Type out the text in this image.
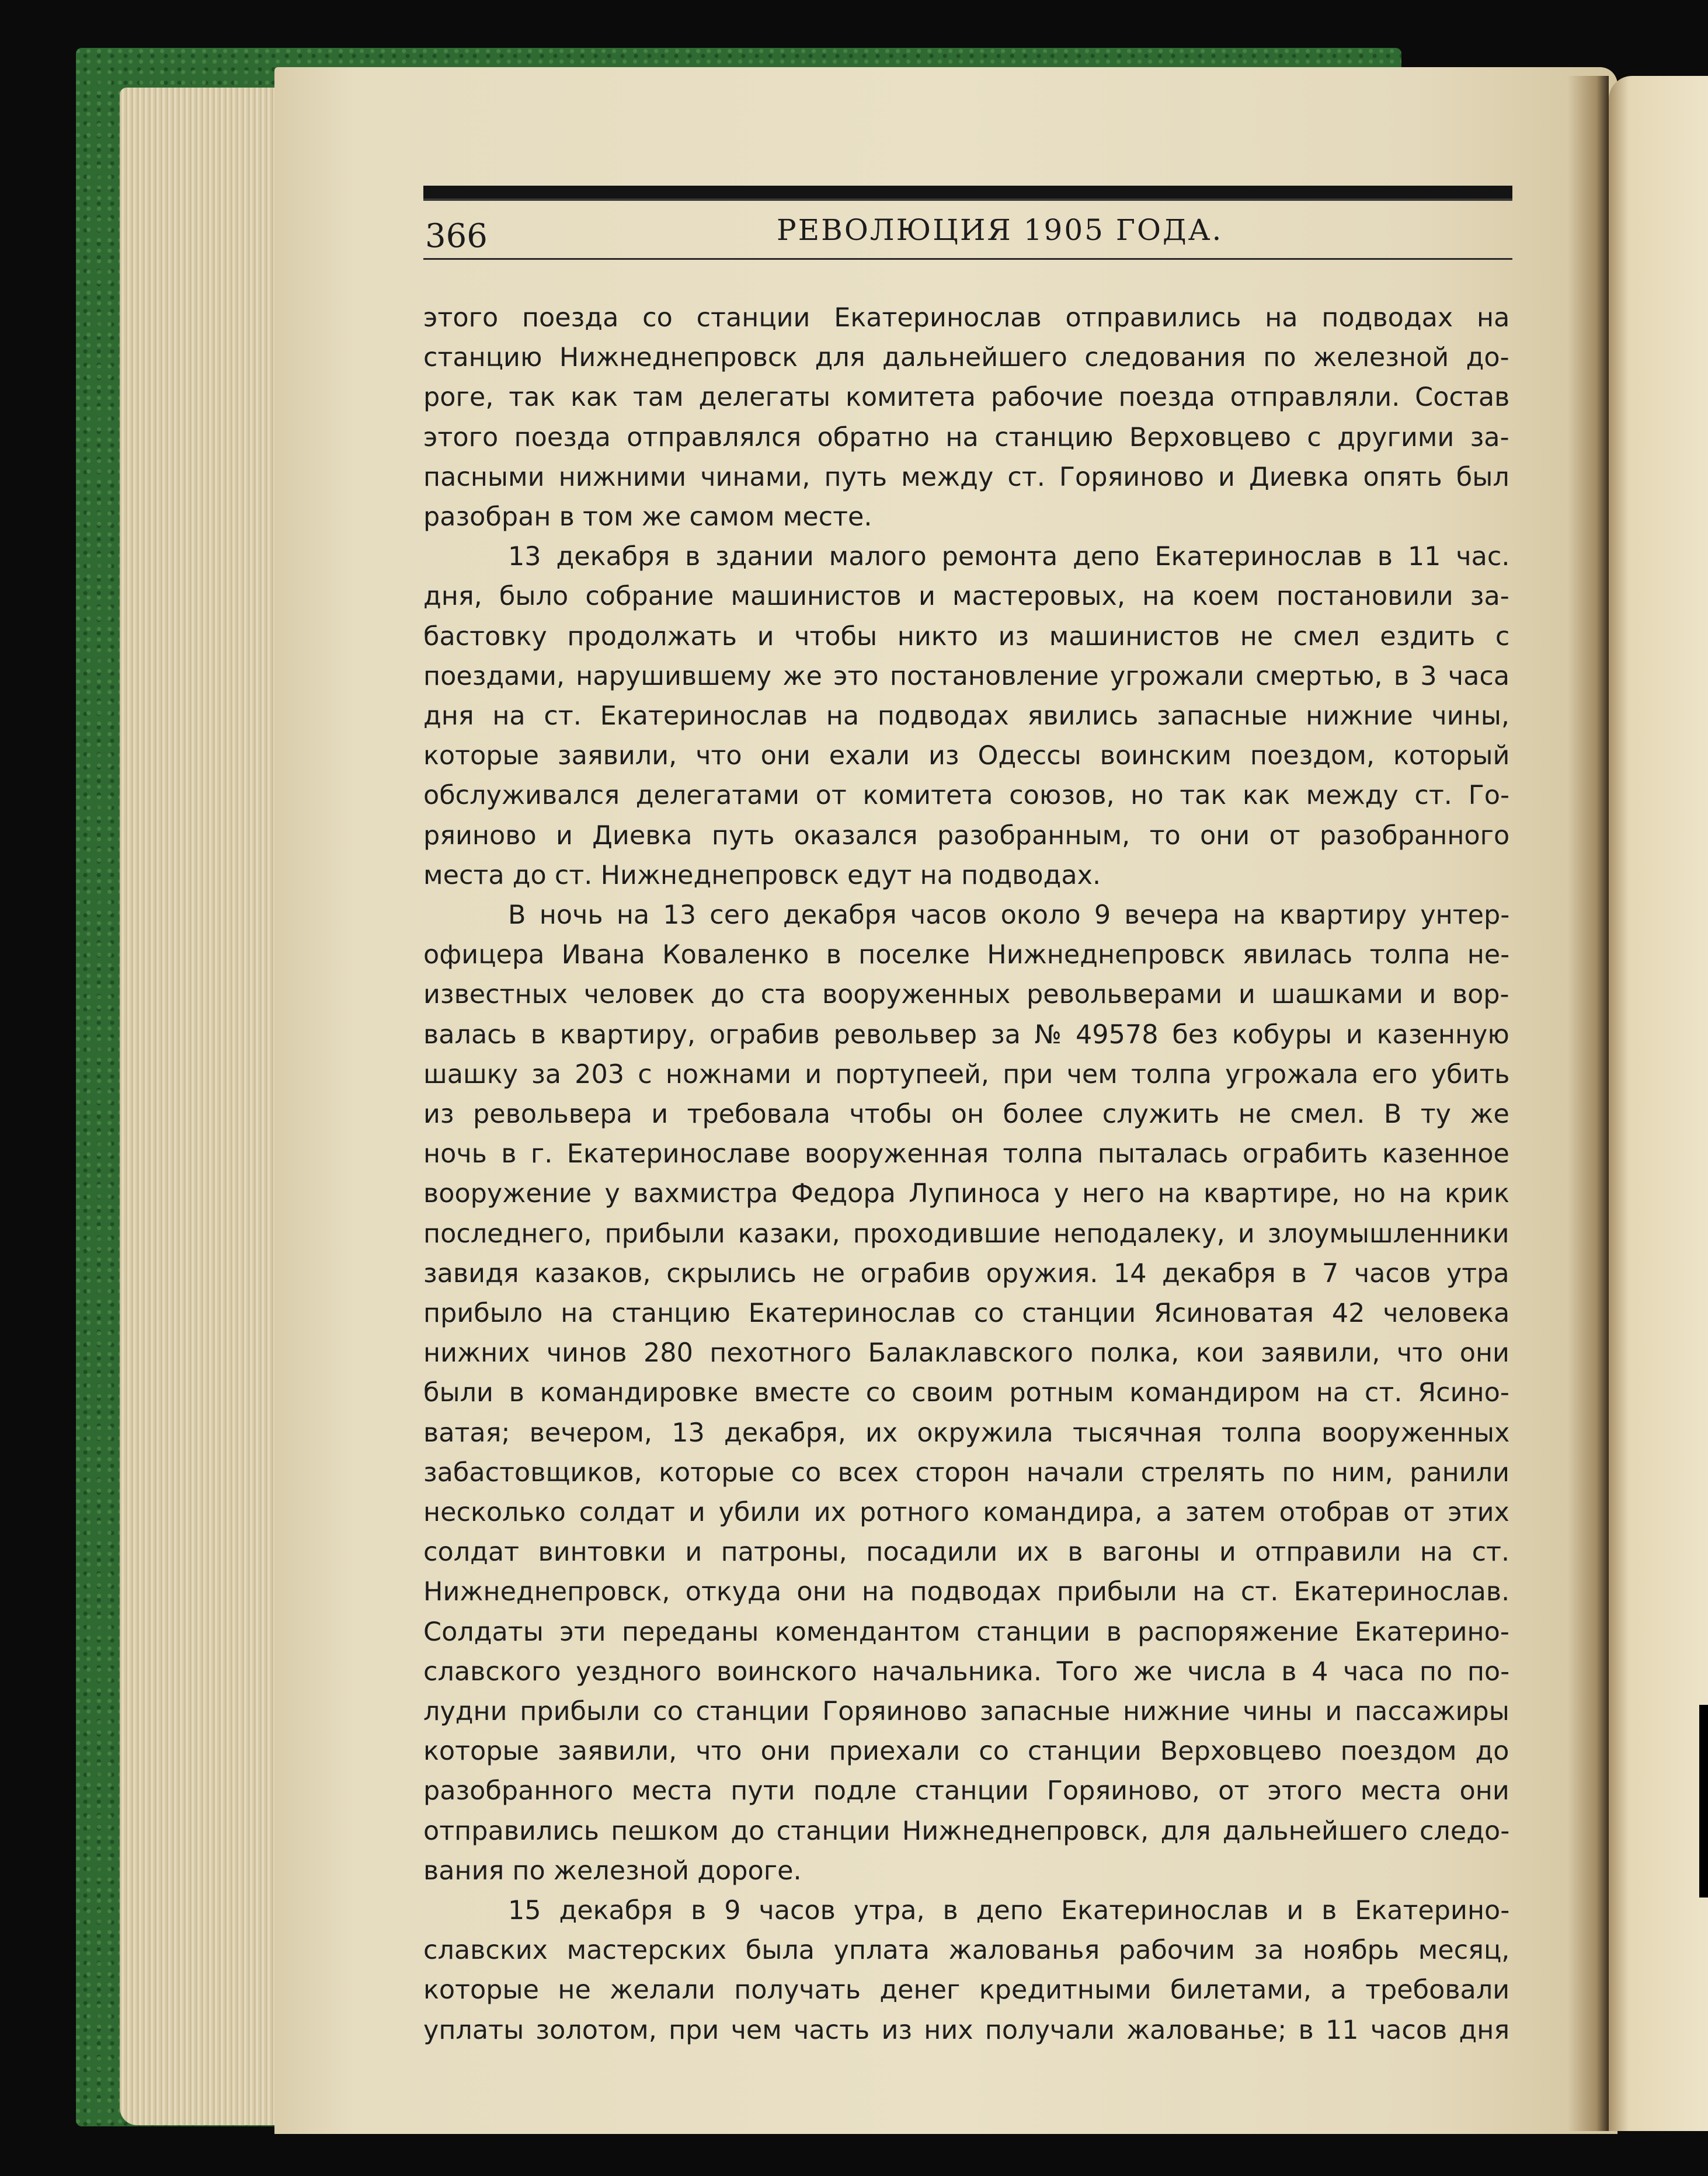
366	РЕВОЛЮЦИЯ 1905 ГОДА.
этого поезда со станции Екатеринослав отправились на подводах на
станцию Нижнеднепровск для дальнейшего следования по железной до-
роге, так как там делегаты комитета рабочие поезда отправляли. Состав
этого поезда отправлялся обратно на станцию Верховцево с другими за-
пасными нижними чинами, путь между ст. Горяиново и Диевка опять был
разобран в том же самом месте.
13 декабря в здании малого ремонта депо Екатеринослав в 11 час.
дня, было собрание машинистов и мастеровых, на коем постановили за-
бастовку продолжать и чтобы никто из машинистов не смел ездить с
поездами, нарушившему же это постановление угрожали смертью, в 3 часа
дня на ст. Екатеринослав на подводах явились запасные нижние чины,
которые заявили, что они ехали из Одессы воинским поездом, который
обслуживался делегатами от комитета союзов, но так как между ст. Го-
ряиново и Диевка путь оказался разобранным, то они от разобранного
места до ст. Нижнеднепровск едут на подводах.
В ночь на 13 сего декабря часов около 9 вечера на квартиру унтер-
офицера Ивана Коваленко в поселке Нижнеднепровск явилась толпа не-
известных человек до ста вооруженных револьверами и шашками и вор-
валась в квартиру, ограбив револьвер за № 49578 без кобуры и казенную
шашку за 203 с ножнами и портупеей, при чем толпа угрожала его убить
из револьвера и требовала чтобы он более служить не смел. В ту же
ночь в г. Екатеринославе вооруженная толпа пыталась ограбить казенное
вооружение у вахмистра Федора Лупиноса у него на квартире, но на крик
последнего, прибыли казаки, проходившие неподалеку, и злоумышленники
завидя казаков, скрылись не ограбив оружия. 14 декабря в 7 часов утра
прибыло на станцию Екатеринослав со станции Ясиноватая 42 человека
нижних чинов 280 пехотного Балаклавского полка, кои заявили, что они
были в командировке вместе со своим ротным командиром на ст. Ясино-
ватая; вечером, 13 декабря, их окружила тысячная толпа вооруженных
забастовщиков, которые со всех сторон начали стрелять по ним, ранили
несколько солдат и убили их ротного командира, а затем отобрав от этих
солдат винтовки и патроны, посадили их в вагоны и отправили на ст.
Нижнеднепровск, откуда они на подводах прибыли на ст. Екатеринослав.
Солдаты эти переданы комендантом станции в распоряжение Екатерино-
славского уездного воинского начальника. Того же числа в 4 часа по по-
лудни прибыли со станции Горяиново запасные нижние чины и пассажиры
которые заявили, что они приехали со станции Верховцево поездом до
разобранного места пути подле станции Горяиново, от этого места они
отправились пешком до станции Нижнеднепровск, для дальнейшего следо-
вания по железной дороге.
15 декабря в 9 часов утра, в депо Екатеринослав и в Екатерино-
славских мастерских была уплата жалованья рабочим за ноябрь месяц,
которые не желали получать денег кредитными билетами, а требовали
уплаты золотом, при чем часть из них получали жалованье; в 11 часов дня
